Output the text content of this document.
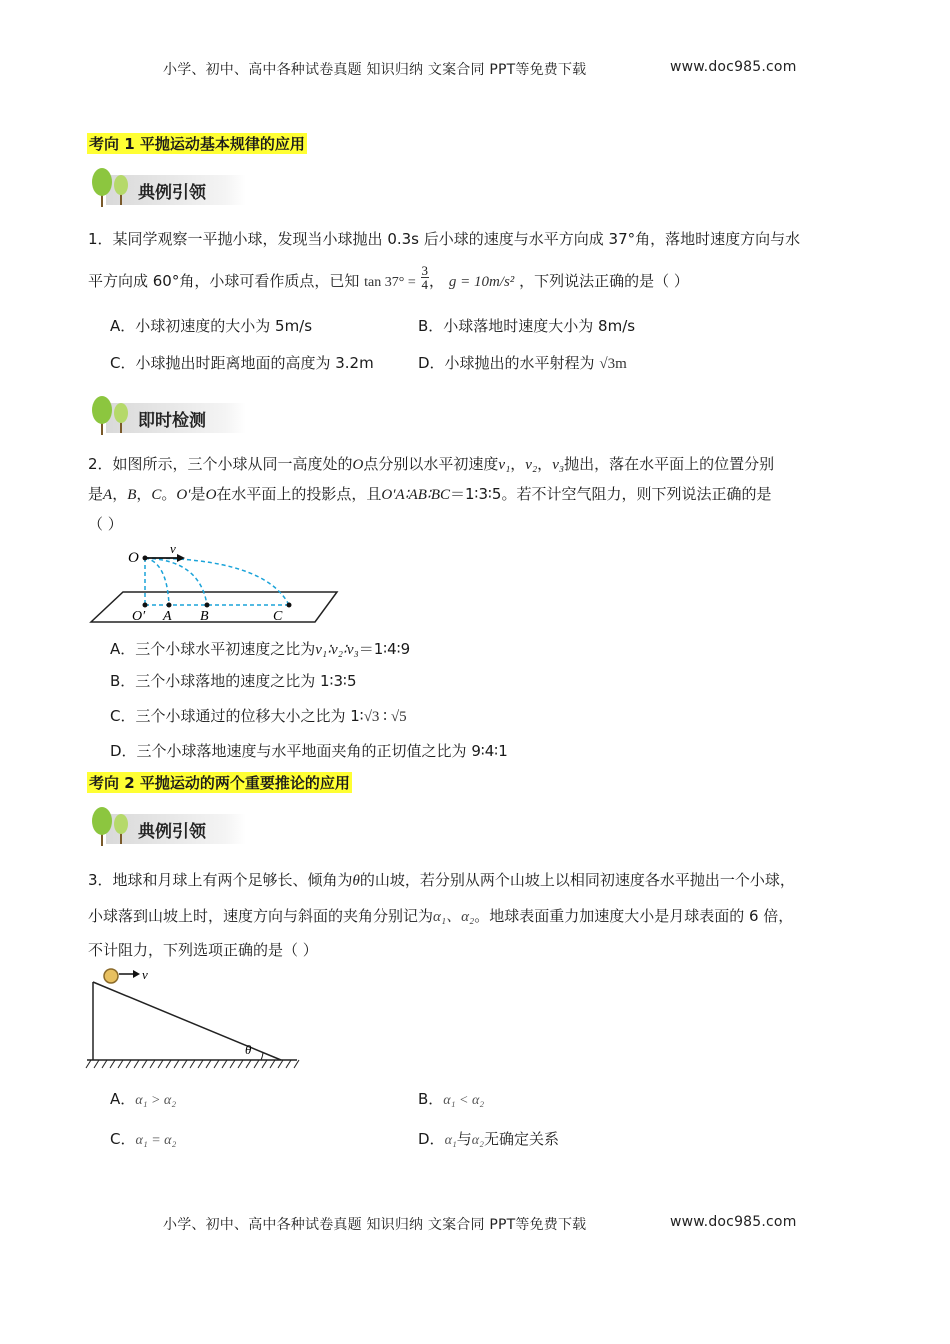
小学、初中、高中各种试卷真题 知识归纳 文案合同 PPT等免费下载	www.doc985.com
考向 1 平抛运动基本规律的应用
典例引领
1．某同学观察一平抛小球，发现当小球抛出 0.3s 后小球的速度与水平方向成 37°角，落地时速度方向与水
平方向成 60°角，小球可看作质点，已知 $\tan 37^\circ = \frac{3}{4}$ ， g = 10m/s² ，下列说法正确的是（ ）
A．小球初速度的大小为 5m/s	B．小球落地时速度大小为 8m/s
C．小球抛出时距离地面的高度为 3.2m	D．小球抛出的水平射程为 √3m
即时检测
2．如图所示，三个小球从同一高度处的O点分别以水平初速度v₁，v₂，v₃抛出，落在水平面上的位置分别
是A，B，C。O′是O在水平面上的投影点，且O′A∶AB∶BC＝1∶3∶5。若不计空气阻力，则下列说法正确的是
（ ）
O
v
O′ A B	C
A．三个小球水平初速度之比为v₁∶v₂∶v₃＝1∶4∶9
B．三个小球落地的速度之比为 1∶3∶5
C．三个小球通过的位移大小之比为 1∶√3 ∶ √5
D．三个小球落地速度与水平地面夹角的正切值之比为 9∶4∶1
考向 2 平抛运动的两个重要推论的应用
典例引领
3．地球和月球上有两个足够长、倾角为θ的山坡，若分别从两个山坡上以相同初速度各水平抛出一个小球，
小球落到山坡上时，速度方向与斜面的夹角分别记为α₁、α₂。地球表面重力加速度大小是月球表面的 6 倍，
不计阻力，下列选项正确的是（ ）
v
θ
A．α₁ > α₂	B．α₁ < α₂
C．α₁ = α₂	D．α₁与α₂无确定关系
小学、初中、高中各种试卷真题 知识归纳 文案合同 PPT等免费下载	www.doc985.com
